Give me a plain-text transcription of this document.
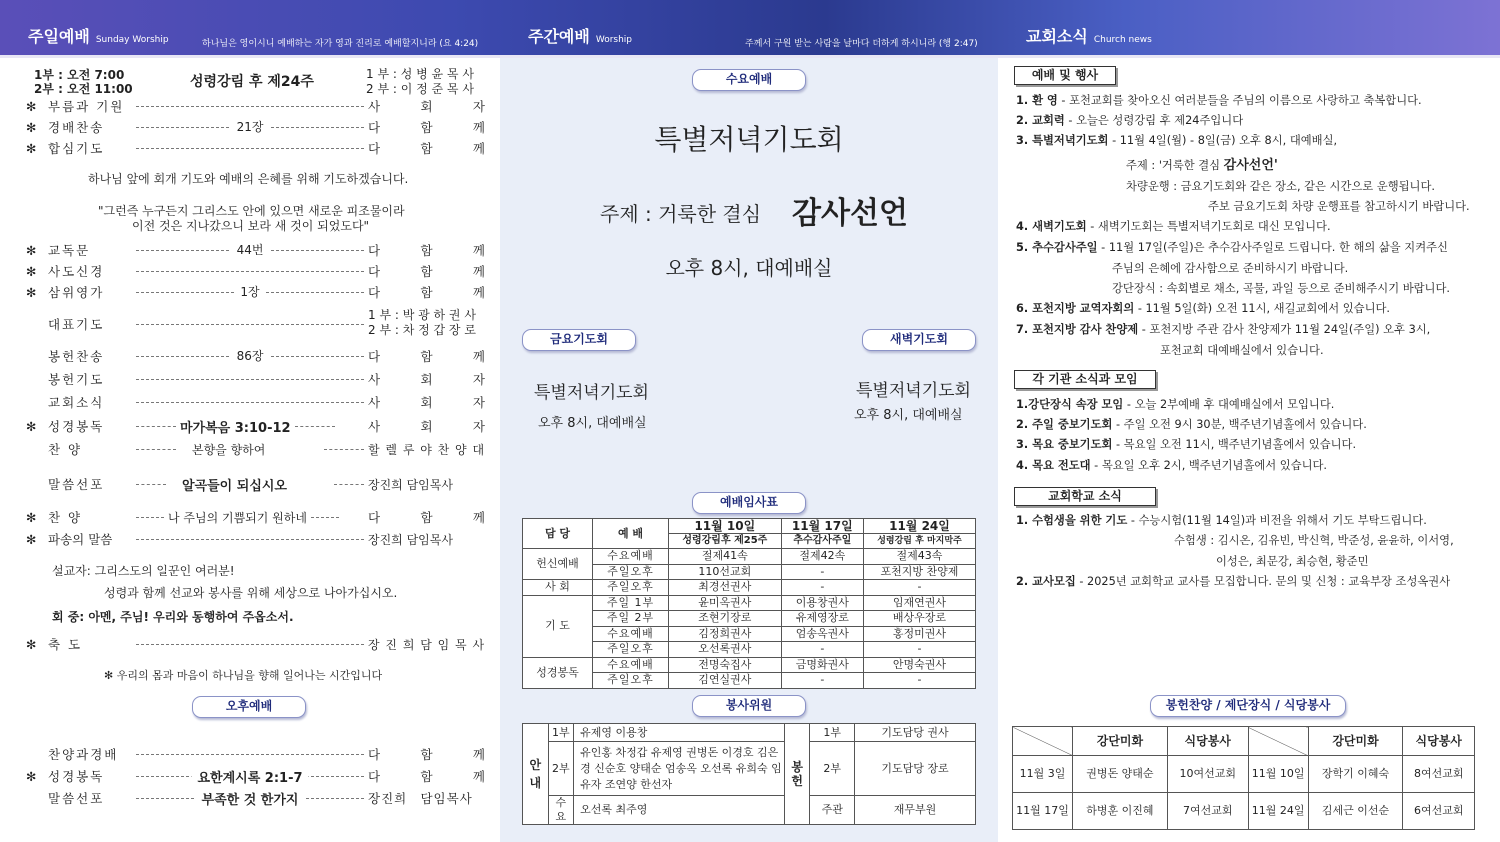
주일예배 Sunday Worship	하나님은 영이시니 예배하는 자가 영과 진리로 예배할지니라 (요 4:24)	주간예배 Worship	주께서 구원 받는 사람을 날마다 더하게 하시니라 (행 2:47)	교회소식 Church news
1부 : 오전 7:00
2부 : 오전 11:00	성령강림 후 제24주	1 부 : 성 병 윤 목 사
2 부 : 이 정 준 목 사
✻ 부름과 기원	사	회	자
✻ 경배찬송	21장	다	함	께
✻ 합심기도	다	함	께
하나님 앞에 회개 기도와 예배의 은혜를 위해 기도하겠습니다.
"그런즉 누구든지 그리스도 안에 있으면 새로운 피조물이라
이전 것은 지나갔으니 보라 새 것이 되었도다"
✻ 교독문	44번	다	함	께
✻ 사도신경	다	함	께
✻ 삼위영가	1장	다	함	께
대표기도
1 부 : 박 광 하 권 사
2 부 : 차 정 갑 장 로
봉헌찬송	86장	다	함	께
봉헌기도	사	회	자
교회소식	사	회	자
✻ 성경봉독	마가복음 3:10-12	사	회	자
찬 양	본향을 향하여	할 렐 루 야 찬 양 대
말씀선포	알곡들이 되십시오	장진희 담임목사
✻ 찬 양	나 주님의 기쁨되기 원하네	다	함	께
✻ 파송의 말씀	장진희 담임목사
설교자: 그리스도의 일꾼인 여러분!
성령과 함께 선교와 봉사를 위해 세상으로 나아가십시오.
회 중: 아멘, 주님! 우리와 동행하여 주옵소서.
✻ 축 도	장 진 희 담 임 목 사
✻ 우리의 몸과 마음이 하나님을 향해 일어나는 시간입니다
오후예배
찬양과경배	다	함	께
✻ 성경봉독	요한계시록 2:1-7	다	함	께
말씀선포	부족한 것 한가지	장진희 담임목사
수요예배
특별저녁기도회
주제 : 거룩한 결심 감사선언
오후 8시, 대예배실
금요기도회	새벽기도회
특별저녁기도회
오후 8시, 대예배실
특별저녁기도회
오후 8시, 대예배실
예배임사표
담 당	예 배	11월 10일	11월 17일	11월 24일
		성령강림후 제25주	추수감사주일	성령강림 후 마지막주
헌신예배	수요예배	절제41속	절제42속	절제43속
	주일오후	110선교회	-	포천지방 찬양제
사 회	주일오후	최경선권사	-	-
기 도	주일 1부	윤미옥권사	이용창권사	임재연권사
	주일 2부	조현기장로	유제영장로	배상우장로
	수요예배	김정희권사	엄송옥권사	홍정미권사
	주일오후	오선록권사	-	-
성경봉독	수요예배	전명숙집사	금명화권사	안명숙권사
	주일오후	김연실권사	-	-
봉사위원
안내	1부	유제영 이용창	봉헌	1부	기도담당 권사
	2부	유인홍 차정갑 유제영 권병돈 이경호 김은경 신순호 양태순 엄송옥 오선록 유희숙 임유자 조연양 한선자		2부	기도담당 장로
	수요	오선록 최주영		주관	재무부원
예배 및 행사
1. 환 영 - 포천교회를 찾아오신 여러분들을 주님의 이름으로 사랑하고 축복합니다.
2. 교회력 - 오늘은 성령강림 후 제24주입니다
3. 특별저녁기도회 - 11월 4일(월) - 8일(금) 오후 8시, 대예배실,
주제 : '거룩한 결심 감사선언'
차량운행 : 금요기도회와 같은 장소, 같은 시간으로 운행됩니다.
주보 금요기도회 차량 운행표를 참고하시기 바랍니다.
4. 새벽기도회 - 새벽기도회는 특별저녁기도회로 대신 모입니다.
5. 추수감사주일 - 11월 17일(주일)은 추수감사주일로 드립니다. 한 해의 삶을 지켜주신
주님의 은혜에 감사함으로 준비하시기 바랍니다.
강단장식 : 속회별로 채소, 곡물, 과일 등으로 준비해주시기 바랍니다.
6. 포천지방 교역자회의 - 11월 5일(화) 오전 11시, 새길교회에서 있습니다.
7. 포천지방 감사 찬양제 - 포천지방 주관 감사 찬양제가 11월 24일(주일) 오후 3시,
포천교회 대예배실에서 있습니다.
각 기관 소식과 모임
1.강단장식 속장 모임 - 오늘 2부예배 후 대예배실에서 모입니다.
2. 주일 중보기도회 - 주일 오전 9시 30분, 백주년기념홀에서 있습니다.
3. 목요 중보기도회 - 목요일 오전 11시, 백주년기념홀에서 있습니다.
4. 목요 전도대 - 목요일 오후 2시, 백주년기념홀에서 있습니다.
교회학교 소식
1. 수험생을 위한 기도 - 수능시험(11월 14일)과 비전을 위해서 기도 부탁드립니다.
수험생 : 김시온, 김유빈, 박신혁, 박준성, 윤윤하, 이서영,
이성은, 최문강, 최승현, 황준민
2. 교사모집 - 2025년 교회학교 교사를 모집합니다. 문의 및 신청 : 교육부장 조성옥권사
봉헌찬양 / 제단장식 / 식당봉사
	강단미화	식당봉사		강단미화	식당봉사
11월 3일	권병돈 양태순	10여선교회	11월 10일	장학기 이혜숙	8여선교회
11월 17일	하병훈 이진혜	7여선교회	11월 24일	김세근 이선순	6여선교회
